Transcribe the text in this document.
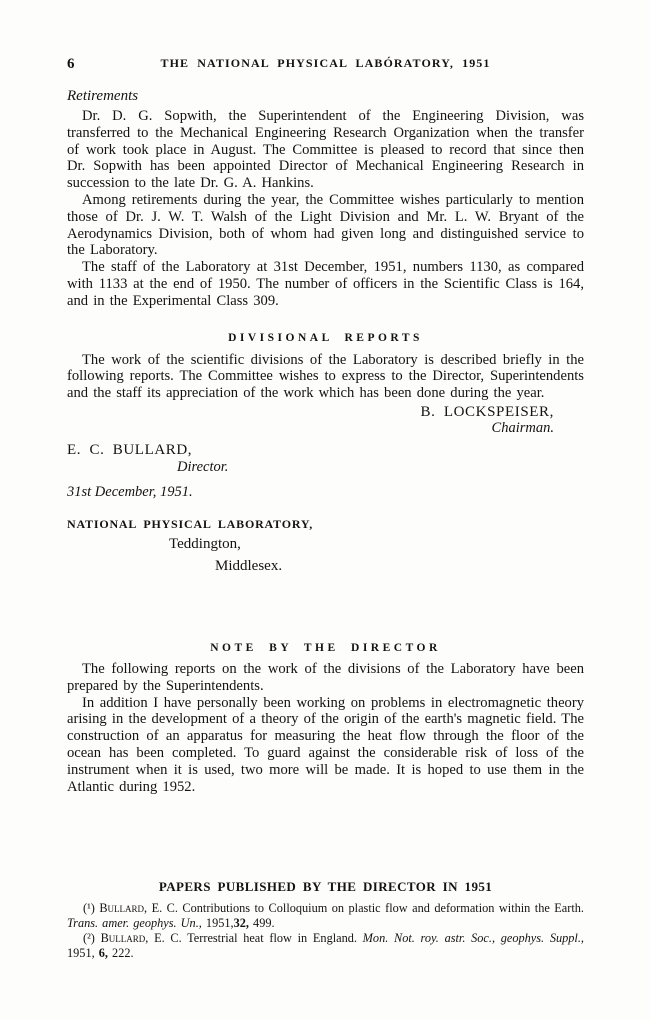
6	THE NATIONAL PHYSICAL LABÓRATORY, 1951
Retirements

Dr. D. G. Sopwith, the Superintendent of the Engineering Division, was transferred to the Mechanical Engineering Research Organization when the transfer of work took place in August. The Committee is pleased to record that since then Dr. Sopwith has been appointed Director of Mechanical Engineering Research in succession to the late Dr. G. A. Hankins.

Among retirements during the year, the Committee wishes particularly to mention those of Dr. J. W. T. Walsh of the Light Division and Mr. L. W. Bryant of the Aerodynamics Division, both of whom had given long and distinguished service to the Laboratory.

The staff of the Laboratory at 31st December, 1951, numbers 1130, as compared with 1133 at the end of 1950. The number of officers in the Scientific Class is 164, and in the Experimental Class 309.

DIVISIONAL REPORTS

The work of the scientific divisions of the Laboratory is described briefly in the following reports. The Committee wishes to express to the Director, Superintendents and the staff its appreciation of the work which has been done during the year.

B. LOCKSPEISER,
Chairman.
E. C. BULLARD,
Director.
31st December, 1951.
NATIONAL PHYSICAL LABORATORY,
Teddington,
Middlesex.
NOTE BY THE DIRECTOR

The following reports on the work of the divisions of the Laboratory have been prepared by the Superintendents.

In addition I have personally been working on problems in electromagnetic theory arising in the development of a theory of the origin of the earth's magnetic field. The construction of an apparatus for measuring the heat flow through the floor of the ocean has been completed. To guard against the considerable risk of loss of the instrument when it is used, two more will be made. It is hoped to use them in the Atlantic during 1952.

PAPERS PUBLISHED BY THE DIRECTOR IN 1951

(¹) Bullard, E. C. Contributions to Colloquium on plastic flow and deformation within the Earth. Trans. amer. geophys. Un., 1951,32, 499.

(²) Bullard, E. C. Terrestrial heat flow in England. Mon. Not. roy. astr. Soc., geophys. Suppl., 1951, 6, 222.
